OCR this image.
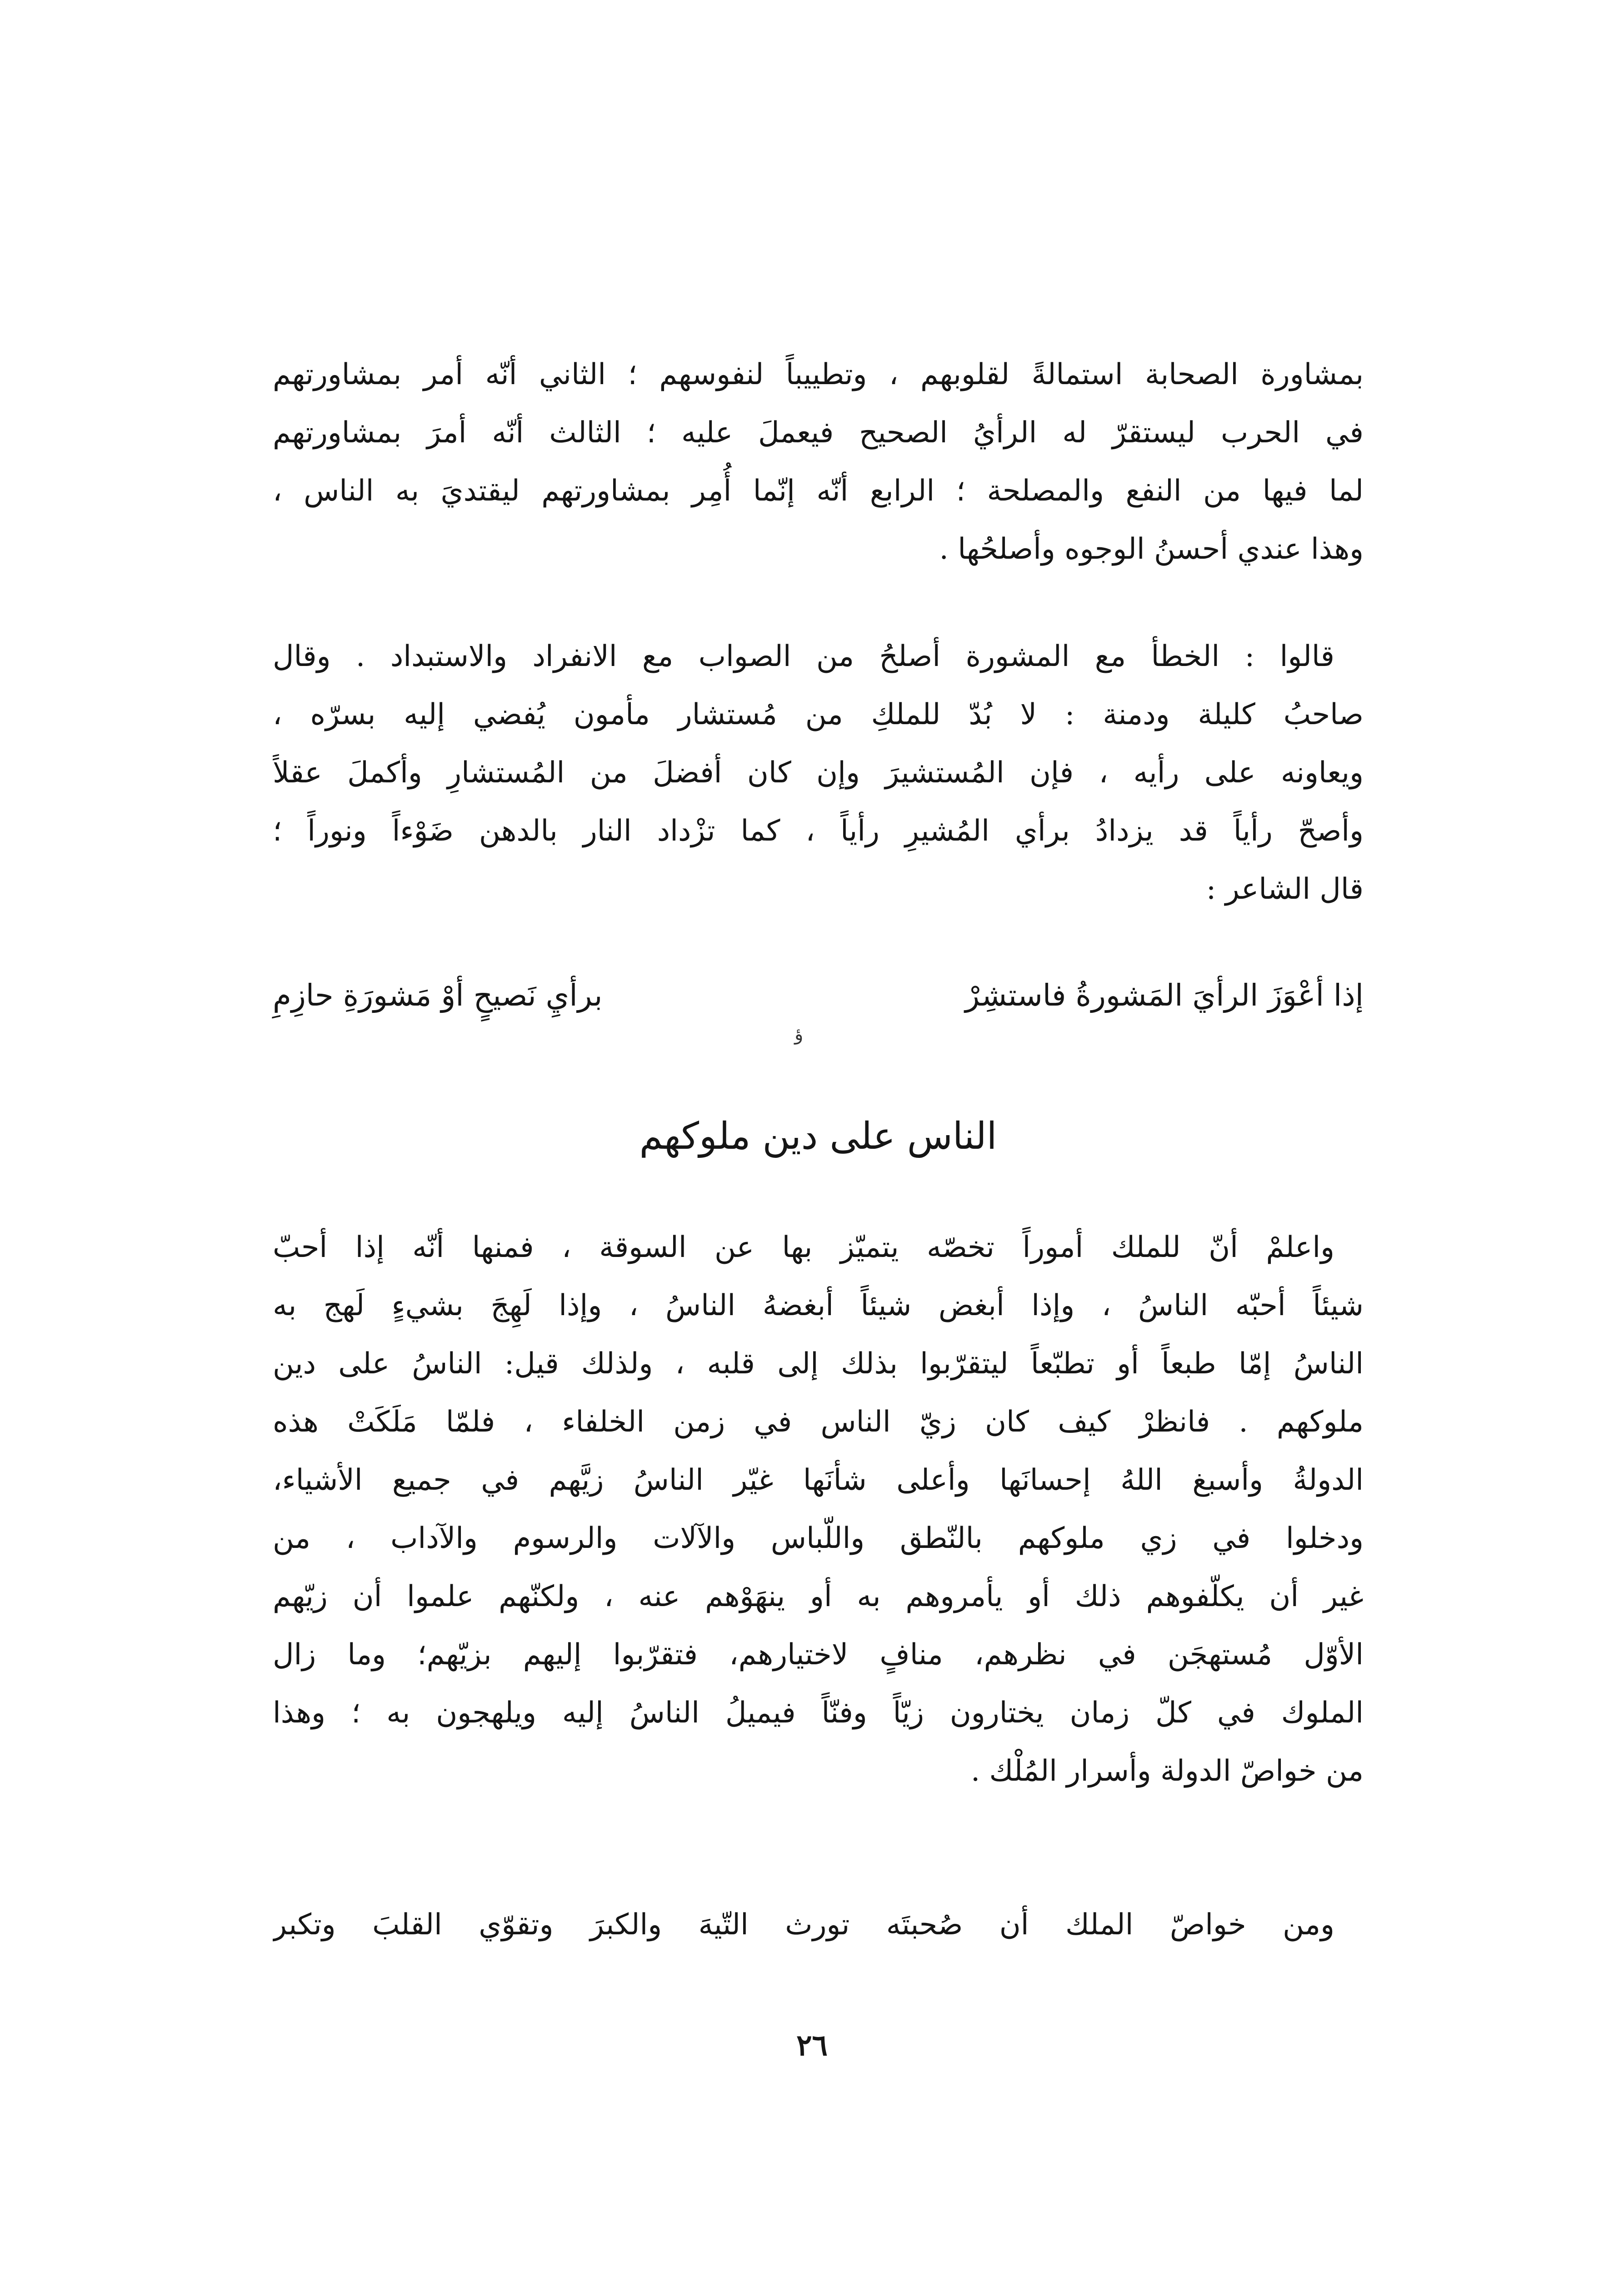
بمشاورة الصحابة استمالةً لقلوبهم ، وتطييباً لنفوسهم ؛ الثاني أنّه أمر بمشاورتهم
في الحرب ليستقرّ له الرأيُ الصحيح فيعملَ عليه ؛ الثالث أنّه أمرَ بمشاورتهم
لما فيها من النفع والمصلحة ؛ الرابع أنّه إنّما أُمِر بمشاورتهم ليقتديَ به الناس ،
وهذا عندي أحسنُ الوجوه وأصلحُها .
قالوا : الخطأ مع المشورة أصلحُ من الصواب مع الانفراد والاستبداد . وقال
صاحبُ كليلة ودمنة : لا بُدّ للملكِ من مُستشار مأمون يُفضي إليه بسرّه ،
ويعاونه على رأيه ، فإن المُستشيرَ وإن كان أفضلَ من المُستشارِ وأكملَ عقلاً
وأصحّ رأياً قد يزدادُ برأي المُشيرِ رأياً ، كما تزْداد النار بالدهن ضَوْءاً ونوراً ؛
قال الشاعر :
إذا أعْوَزَ الرأيَ المَشورةُ فاستشِرْ
برأيِ نَصيحٍ أوْ مَشورَةِ حازِمِ
ؤ
الناس على دين ملوكهم
واعلمْ أنّ للملك أموراً تخصّه يتميّز بها عن السوقة ، فمنها أنّه إذا أحبّ
شيئاً أحبّه الناسُ ، وإذا أبغض شيئاً أبغضهُ الناسُ ، وإذا لَهِجَ بشيءٍ لَهج به
الناسُ إمّا طبعاً أو تطبّعاً ليتقرّبوا بذلك إلى قلبه ، ولذلك قيل: الناسُ على دين
ملوكهم . فانظرْ كيف كان زيّ الناس في زمن الخلفاء ، فلمّا مَلَكَتْ هذه
الدولةُ وأسبغ اللهُ إحسانَها وأعلى شأنَها غيّر الناسُ زيَّهم في جميع الأشياء،
ودخلوا في زي ملوكهم بالنّطق واللّباس والآلات والرسوم والآداب ، من
غير أن يكلّفوهم ذلك أو يأمروهم به أو ينهَوْهم عنه ، ولكنّهم علموا أن زيّهم
الأوّل مُستهجَن في نظرهم، منافٍ لاختيارهم، فتقرّبوا إليهم بزيّهم؛ وما زال
الملوك في كلّ زمان يختارون زيّاً وفنّاً فيميلُ الناسُ إليه ويلهجون به ؛ وهذا
من خواصّ الدولة وأسرار المُلْك .
ومن خواصّ الملك أن صُحبتَه تورث التّيهَ والكبرَ وتقوّي القلبَ وتكبر
٢٦
